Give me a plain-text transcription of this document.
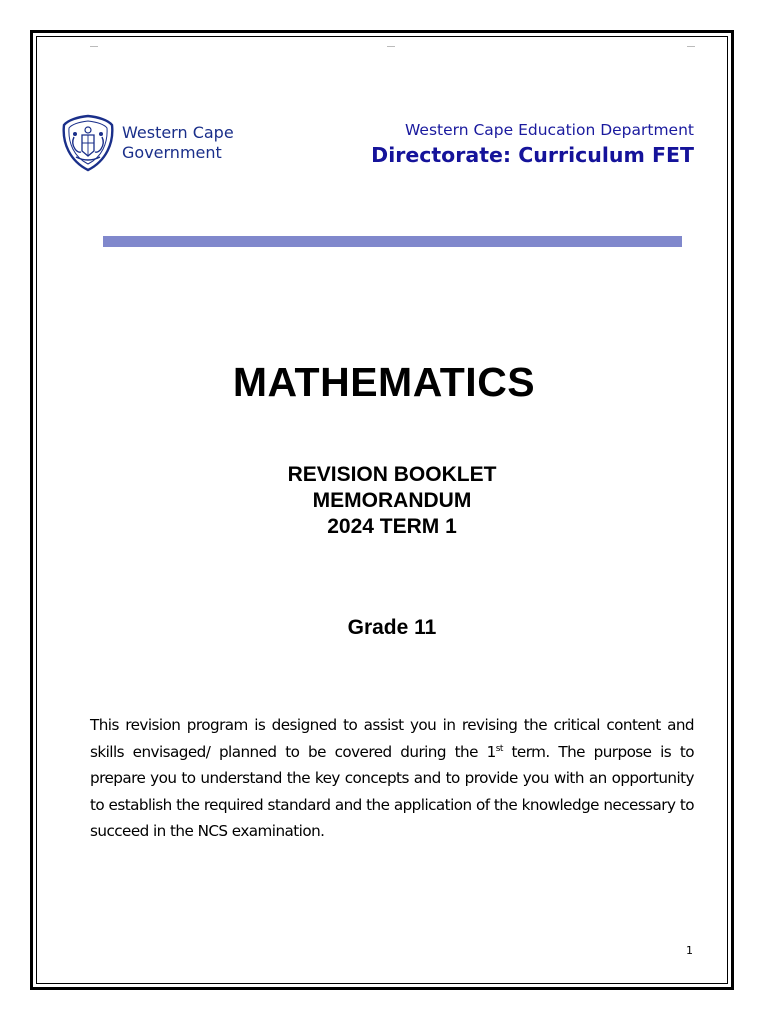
Western Cape
Government
Western Cape Education Department
Directorate: Curriculum FET
MATHEMATICS
REVISION BOOKLET
MEMORANDUM
2024 TERM 1
Grade 11
This revision program is designed to assist you in revising the critical content and skills envisaged/ planned to be covered during the 1st term. The purpose is to prepare you to understand the key concepts and to provide you with an opportunity to establish the required standard and the application of the knowledge necessary to succeed in the NCS examination.
1
